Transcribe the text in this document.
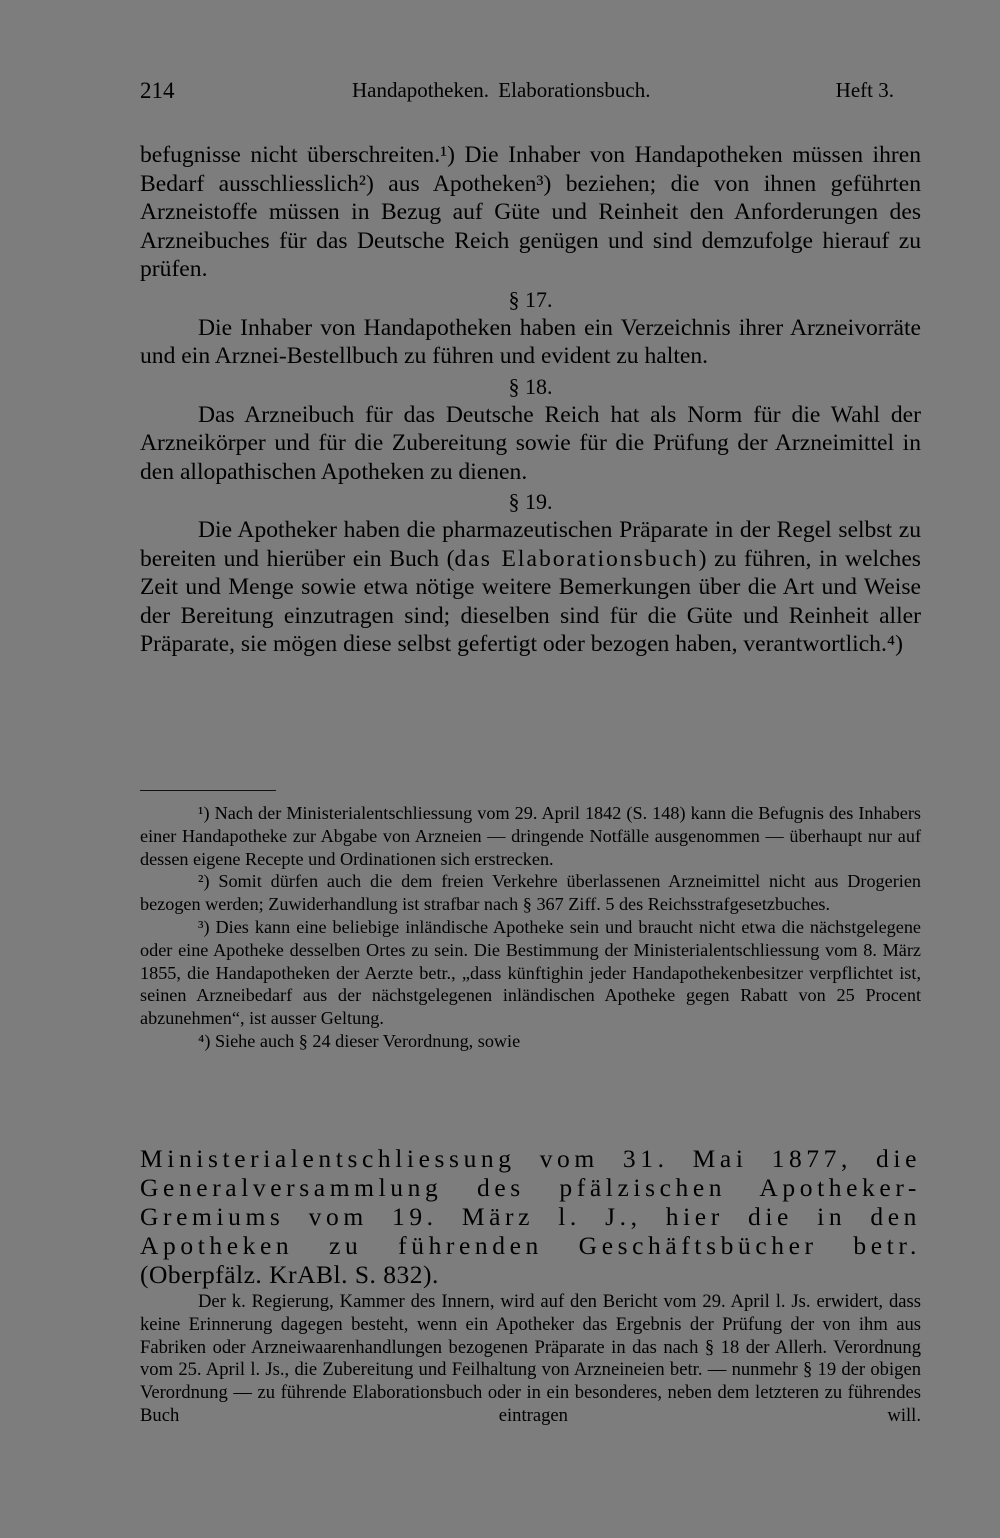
214	Handapotheken. Elaborationsbuch.	Heft 3.

befugnisse nicht überschreiten.¹) Die Inhaber von Handapotheken müssen ihren Bedarf ausschliesslich²) aus Apotheken³) beziehen; die von ihnen geführten Arzneistoffe müssen in Bezug auf Güte und Reinheit den Anforderungen des Arzneibuches für das Deutsche Reich genügen und sind demzufolge hierauf zu prüfen.

§ 17.

Die Inhaber von Handapotheken haben ein Verzeichnis ihrer Arzneivorräte und ein Arznei-Bestellbuch zu führen und evident zu halten.

§ 18.

Das Arzneibuch für das Deutsche Reich hat als Norm für die Wahl der Arzneikörper und für die Zubereitung sowie für die Prüfung der Arzneimittel in den allopathischen Apotheken zu dienen.

§ 19.

Die Apotheker haben die pharmazeutischen Präparate in der Regel selbst zu bereiten und hierüber ein Buch (das Elaborationsbuch) zu führen, in welches Zeit und Menge sowie etwa nötige weitere Bemerkungen über die Art und Weise der Bereitung einzutragen sind; dieselben sind für die Güte und Reinheit aller Präparate, sie mögen diese selbst gefertigt oder bezogen haben, verantwortlich.⁴)

¹) Nach der Ministerialentschliessung vom 29. April 1842 (S. 148) kann die Befugnis des Inhabers einer Handapotheke zur Abgabe von Arzneien — dringende Notfälle ausgenommen — überhaupt nur auf dessen eigene Recepte und Ordinationen sich erstrecken.

²) Somit dürfen auch die dem freien Verkehre überlassenen Arzneimittel nicht aus Drogerien bezogen werden; Zuwiderhandlung ist strafbar nach § 367 Ziff. 5 des Reichsstrafgesetzbuches.

³) Dies kann eine beliebige inländische Apotheke sein und braucht nicht etwa die nächstgelegene oder eine Apotheke desselben Ortes zu sein. Die Bestimmung der Ministerialentschliessung vom 8. März 1855, die Handapotheken der Aerzte betr., „dass künftighin jeder Handapothekenbesitzer verpflichtet ist, seinen Arzneibedarf aus der nächstgelegenen inländischen Apotheke gegen Rabatt von 25 Procent abzunehmen“, ist ausser Geltung.

⁴) Siehe auch § 24 dieser Verordnung, sowie

Ministerialentschliessung vom 31. Mai 1877, die Generalversammlung des pfälzischen Apotheker-Gremiums vom 19. März l. J., hier die in den Apotheken zu führenden Geschäftsbücher betr. (Oberpfälz. KrABl. S. 832).

Der k. Regierung, Kammer des Innern, wird auf den Bericht vom 29. April l. Js. erwidert, dass keine Erinnerung dagegen besteht, wenn ein Apotheker das Ergebnis der Prüfung der von ihm aus Fabriken oder Arzneiwaarenhandlungen bezogenen Präparate in das nach § 18 der Allerh. Verordnung vom 25. April l. Js., die Zubereitung und Feilhaltung von Arzneineien betr. — nunmehr § 19 der obigen Verordnung — zu führende Elaborationsbuch oder in ein besonderes, neben dem letzteren zu führendes Buch eintragen will.
